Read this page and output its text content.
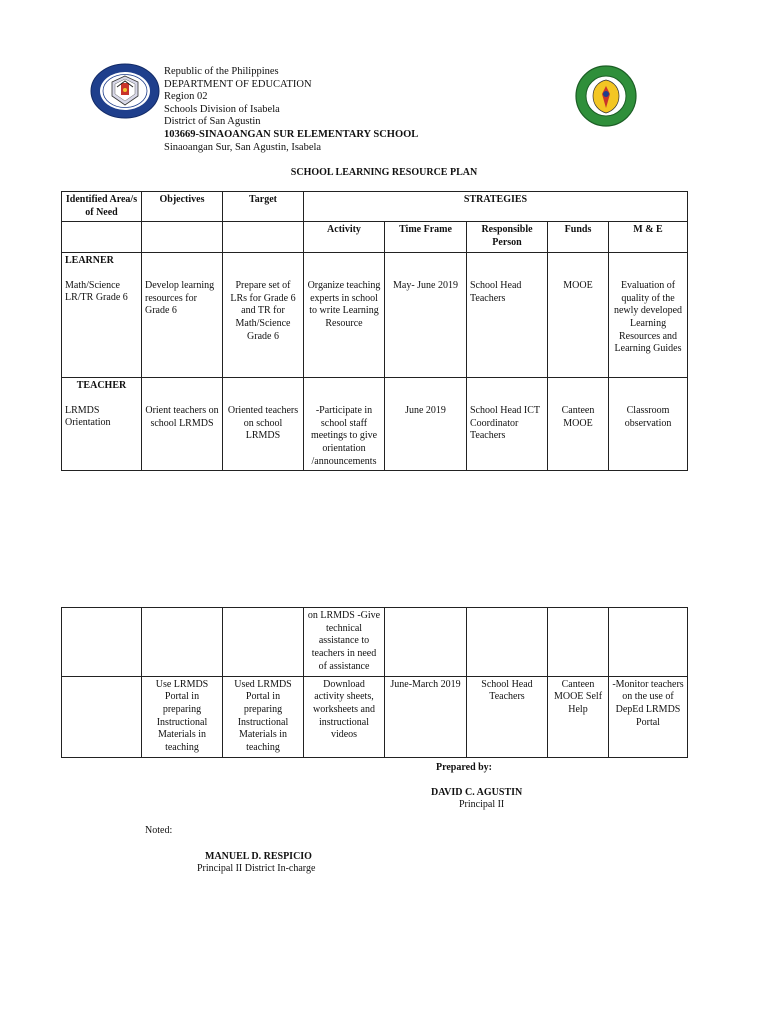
Republic of the Philippines
DEPARTMENT OF EDUCATION
Region 02
Schools Division of Isabela
District of San Agustin
103669-SINAOANGAN SUR ELEMENTARY SCHOOL
Sinaoangan Sur, San Agustin, Isabela
SCHOOL LEARNING RESOURCE PLAN
Identified Area/s of Need	Objectives	Target	STRATEGIES				
			Activity	Time Frame	Responsible Person	Funds	M & E

LEARNER
Math/Science LR/TR Grade 6	Develop learning resources for Grade 6	Prepare set of LRs for Grade 6 and TR for Math/Science Grade 6	Organize teaching experts in school to write Learning Resource	May- June 2019	School Head Teachers	MOOE	Evaluation of quality of the newly developed Learning Resources and Learning Guides

TEACHER
LRMDS Orientation	Orient teachers on school LRMDS	Oriented teachers on school LRMDS	-Participate in school staff meetings to give orientation /announcements	June 2019	School Head ICT Coordinator Teachers	Canteen MOOE	Classroom observation
			on LRMDS -Give technical assistance to teachers in need of assistance				
	Use LRMDS Portal in preparing Instructional Materials in teaching	Used LRMDS Portal in preparing Instructional Materials in teaching	Download activity sheets, worksheets and instructional videos	June-March 2019	School Head Teachers	Canteen MOOE Self Help	-Monitor teachers on the use of DepEd LRMDS Portal
Prepared by:
DAVID C. AGUSTIN
Principal II
Noted:
MANUEL D. RESPICIO
Principal II District In-charge
